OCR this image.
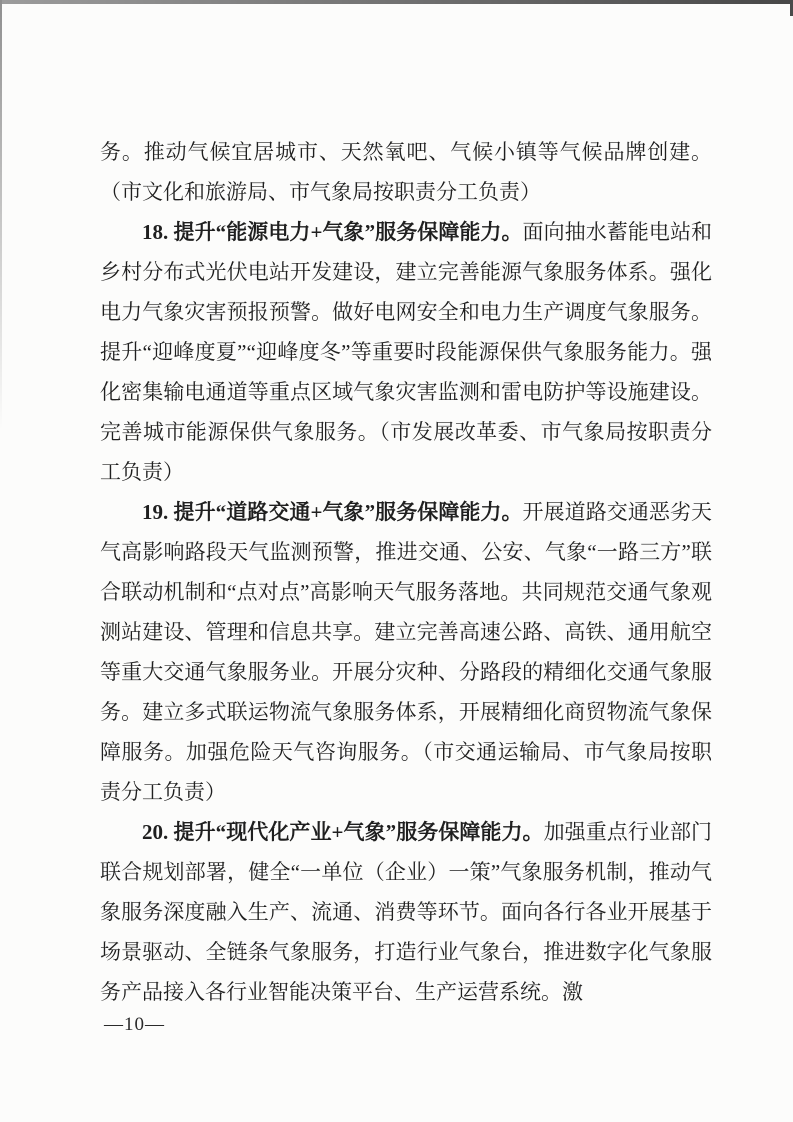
务。推动气候宜居城市、天然氧吧、气候小镇等气候品牌创建。（市文化和旅游局、市气象局按职责分工负责）

18. 提升“能源电力+气象”服务保障能力。面向抽水蓄能电站和乡村分布式光伏电站开发建设，建立完善能源气象服务体系。强化电力气象灾害预报预警。做好电网安全和电力生产调度气象服务。提升“迎峰度夏”“迎峰度冬”等重要时段能源保供气象服务能力。强化密集输电通道等重点区域气象灾害监测和雷电防护等设施建设。完善城市能源保供气象服务。（市发展改革委、市气象局按职责分工负责）

19. 提升“道路交通+气象”服务保障能力。开展道路交通恶劣天气高影响路段天气监测预警，推进交通、公安、气象“一路三方”联合联动机制和“点对点”高影响天气服务落地。共同规范交通气象观测站建设、管理和信息共享。建立完善高速公路、高铁、通用航空等重大交通气象服务业。开展分灾种、分路段的精细化交通气象服务。建立多式联运物流气象服务体系，开展精细化商贸物流气象保障服务。加强危险天气咨询服务。（市交通运输局、市气象局按职责分工负责）

20. 提升“现代化产业+气象”服务保障能力。加强重点行业部门联合规划部署，健全“一单位（企业）一策”气象服务机制，推动气象服务深度融入生产、流通、消费等环节。面向各行各业开展基于场景驱动、全链条气象服务，打造行业气象台，推进数字化气象服务产品接入各行业智能决策平台、生产运营系统。激

—10—
